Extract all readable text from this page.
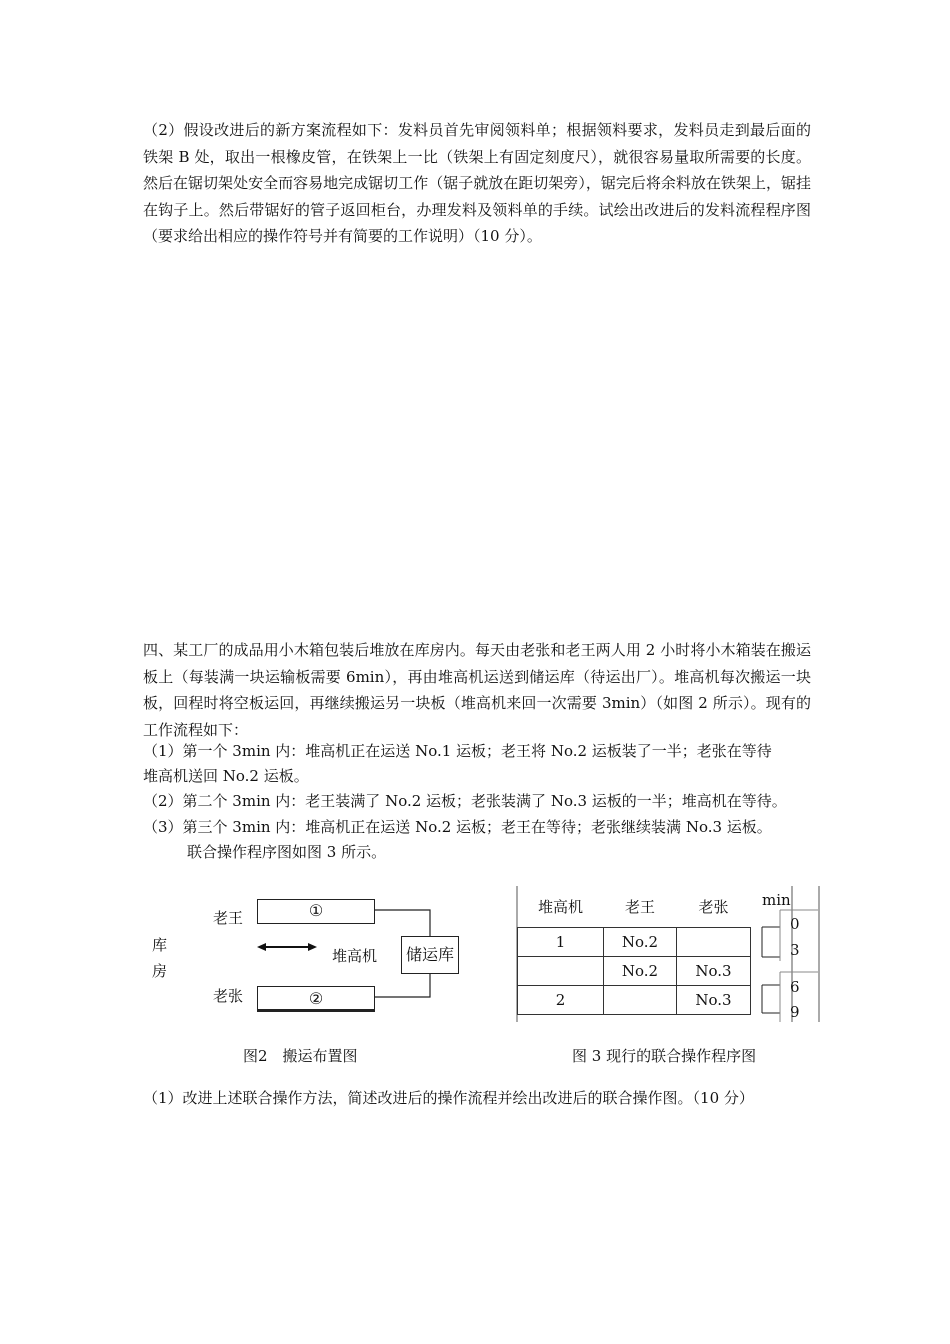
（2）假设改进后的新方案流程如下：发料员首先审阅领料单；根据领料要求，发料员走到最后面的铁架 B 处，取出一根橡皮管，在铁架上一比（铁架上有固定刻度尺），就很容易量取所需要的长度。然后在锯切架处安全而容易地完成锯切工作（锯子就放在距切架旁），锯完后将余料放在铁架上，锯挂在钩子上。然后带锯好的管子返回柜台，办理发料及领料单的手续。试绘出改进后的发料流程程序图（要求给出相应的操作符号并有简要的工作说明）（10 分）。
四、某工厂的成品用小木箱包装后堆放在库房内。每天由老张和老王两人用 2 小时将小木箱装在搬运板上（每装满一块运输板需要 6min），再由堆高机运送到储运库（待运出厂）。堆高机每次搬运一块板，回程时将空板运回，再继续搬运另一块板（堆高机来回一次需要 3min）（如图 2 所示）。现有的工作流程如下：
（1）第一个 3min 内：堆高机正在运送 No.1 运板；老王将 No.2 运板装了一半；老张在等待
堆高机送回 No.2 运板。
（2）第二个 3min 内：老王装满了 No.2 运板；老张装满了 No.3 运板的一半；堆高机在等待。
（3）第三个 3min 内：堆高机正在运送 No.2 运板；老王在等待；老张继续装满 No.3 运板。
联合操作程序图如图 3 所示。
库
房
老王
老张
①
②
堆高机	储运库
图2　搬运布置图
堆高机	老王	老张
1	No.2	
	No.2	No.3
2		No.3
min
0
3
6
9
图 3 现行的联合操作程序图
（1）改进上述联合操作方法，简述改进后的操作流程并绘出改进后的联合操作图。（10 分）
